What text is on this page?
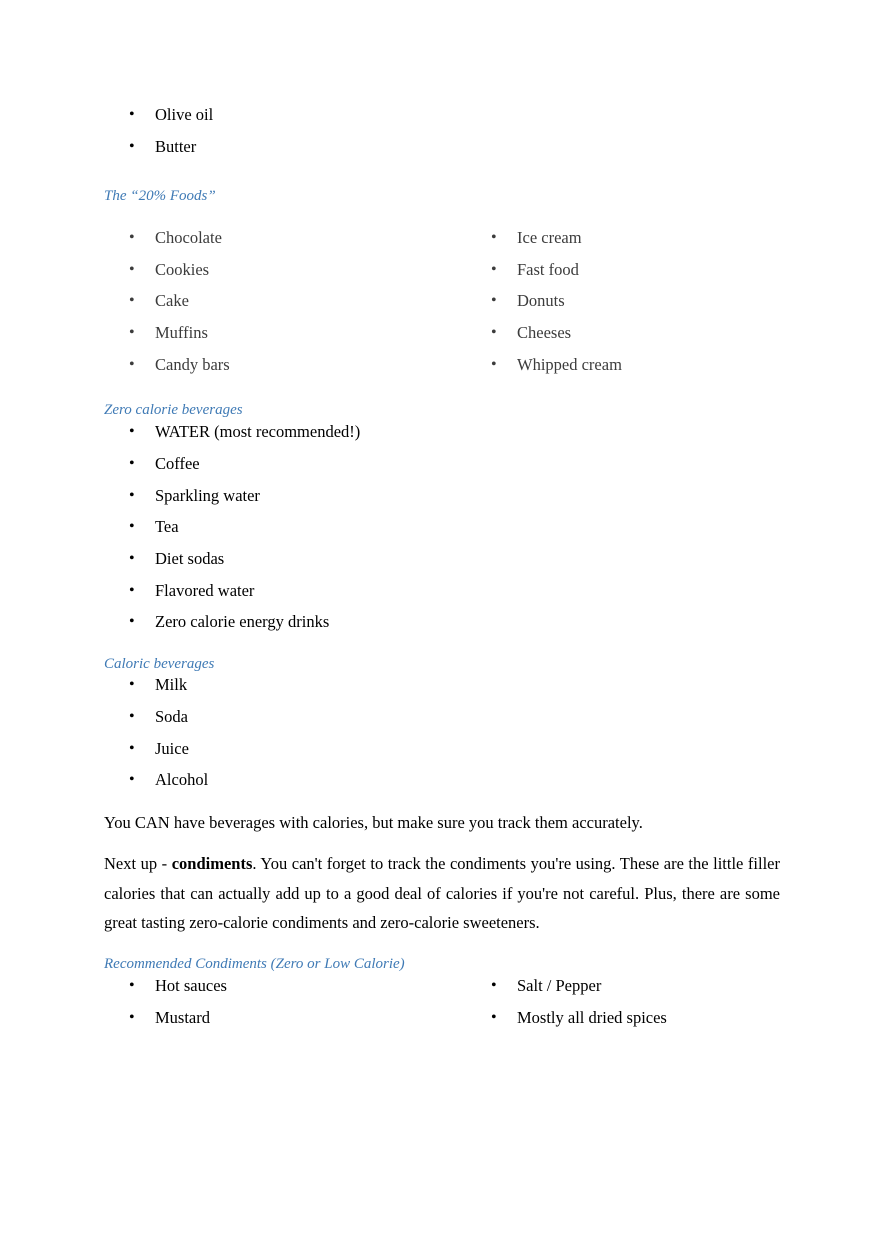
•	Olive oil
•	Butter
The “20% Foods”
•	Chocolate
•	Cookies
•	Cake
•	Muffins
•	Candy bars
•	Ice cream
•	Fast food
•	Donuts
•	Cheeses
•	Whipped cream
Zero calorie beverages
•	WATER (most recommended!)
•	Coffee
•	Sparkling water
•	Tea
•	Diet sodas
•	Flavored water
•	Zero calorie energy drinks
Caloric beverages
•	Milk
•	Soda
•	Juice
•	Alcohol
You CAN have beverages with calories, but make sure you track them accurately.
Next up - condiments. You can't forget to track the condiments you're using. These are the little filler calories that can actually add up to a good deal of calories if you're not careful. Plus, there are some great tasting zero-calorie condiments and zero-calorie sweeteners.
Recommended Condiments (Zero or Low Calorie)
•	Hot sauces
•	Mustard
•	Salt / Pepper
•	Mostly all dried spices
